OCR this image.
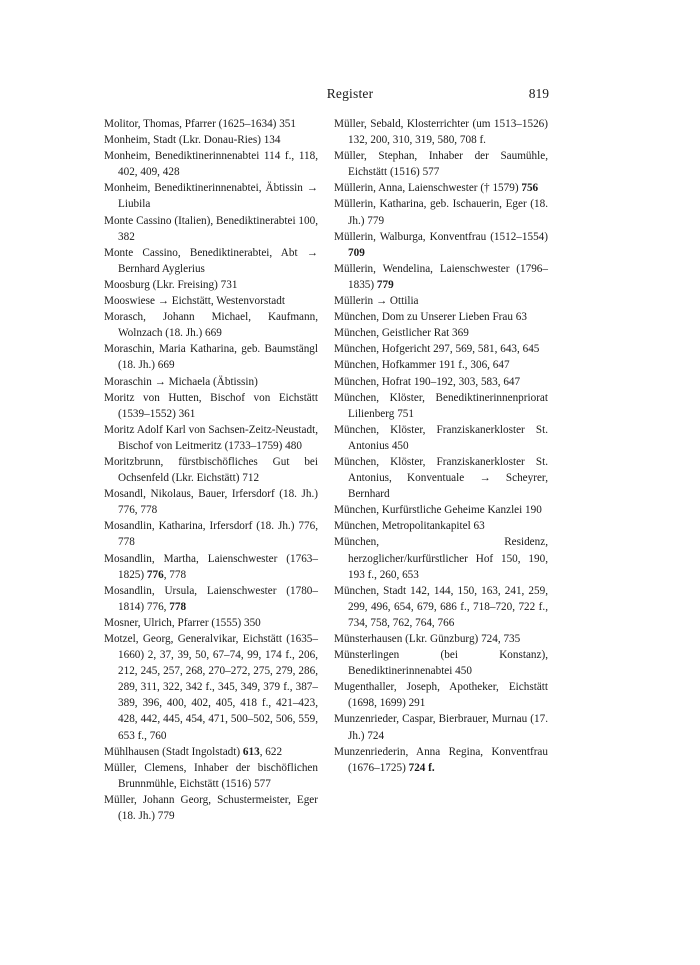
Register	819
Molitor, Thomas, Pfarrer (1625–1634) 351
Monheim, Stadt (Lkr. Donau-Ries) 134
Monheim, Benediktinerinnenabtei 114 f., 118, 402, 409, 428
Monheim, Benediktinerinnenabtei, Äbtissin → Liubila
Monte Cassino (Italien), Benediktinerabtei 100, 382
Monte Cassino, Benediktinerabtei, Abt → Bernhard Ayglerius
Moosburg (Lkr. Freising) 731
Mooswiese → Eichstätt, Westenvorstadt
Morasch, Johann Michael, Kaufmann, Wolnzach (18. Jh.) 669
Moraschin, Maria Katharina, geb. Baumstängl (18. Jh.) 669
Moraschin → Michaela (Äbtissin)
Moritz von Hutten, Bischof von Eichstätt (1539–1552) 361
Moritz Adolf Karl von Sachsen-Zeitz-Neustadt, Bischof von Leitmeritz (1733–1759) 480
Moritzbrunn, fürstbischöfliches Gut bei Ochsenfeld (Lkr. Eichstätt) 712
Mosandl, Nikolaus, Bauer, Irfersdorf (18. Jh.) 776, 778
Mosandlin, Katharina, Irfersdorf (18. Jh.) 776, 778
Mosandlin, Martha, Laienschwester (1763–1825) 776, 778
Mosandlin, Ursula, Laienschwester (1780–1814) 776, 778
Mosner, Ulrich, Pfarrer (1555) 350
Motzel, Georg, Generalvikar, Eichstätt (1635–1660) 2, 37, 39, 50, 67–74, 99, 174 f., 206, 212, 245, 257, 268, 270–272, 275, 279, 286, 289, 311, 322, 342 f., 345, 349, 379 f., 387–389, 396, 400, 402, 405, 418 f., 421–423, 428, 442, 445, 454, 471, 500–502, 506, 559, 653 f., 760
Mühlhausen (Stadt Ingolstadt) 613, 622
Müller, Clemens, Inhaber der bischöflichen Brunnmühle, Eichstätt (1516) 577
Müller, Johann Georg, Schustermeister, Eger (18. Jh.) 779
Müller, Sebald, Klosterrichter (um 1513–1526) 132, 200, 310, 319, 580, 708 f.
Müller, Stephan, Inhaber der Saumühle, Eichstätt (1516) 577
Müllerin, Anna, Laienschwester († 1579) 756
Müllerin, Katharina, geb. Ischauerin, Eger (18. Jh.) 779
Müllerin, Walburga, Konventfrau (1512–1554) 709
Müllerin, Wendelina, Laienschwester (1796–1835) 779
Müllerin → Ottilia
München, Dom zu Unserer Lieben Frau 63
München, Geistlicher Rat 369
München, Hofgericht 297, 569, 581, 643, 645
München, Hofkammer 191 f., 306, 647
München, Hofrat 190–192, 303, 583, 647
München, Klöster, Benediktinerinnenpriorat Lilienberg 751
München, Klöster, Franziskanerkloster St. Antonius 450
München, Klöster, Franziskanerkloster St. Antonius, Konventuale → Scheyrer, Bernhard
München, Kurfürstliche Geheime Kanzlei 190
München, Metropolitankapitel 63
München, Residenz, herzoglicher/kurfürstlicher Hof 150, 190, 193 f., 260, 653
München, Stadt 142, 144, 150, 163, 241, 259, 299, 496, 654, 679, 686 f., 718–720, 722 f., 734, 758, 762, 764, 766
Münsterhausen (Lkr. Günzburg) 724, 735
Münsterlingen (bei Konstanz), Benediktinerinnenabtei 450
Mugenthaller, Joseph, Apotheker, Eichstätt (1698, 1699) 291
Munzenrieder, Caspar, Bierbrauer, Murnau (17. Jh.) 724
Munzenriederin, Anna Regina, Konventfrau (1676–1725) 724 f.
